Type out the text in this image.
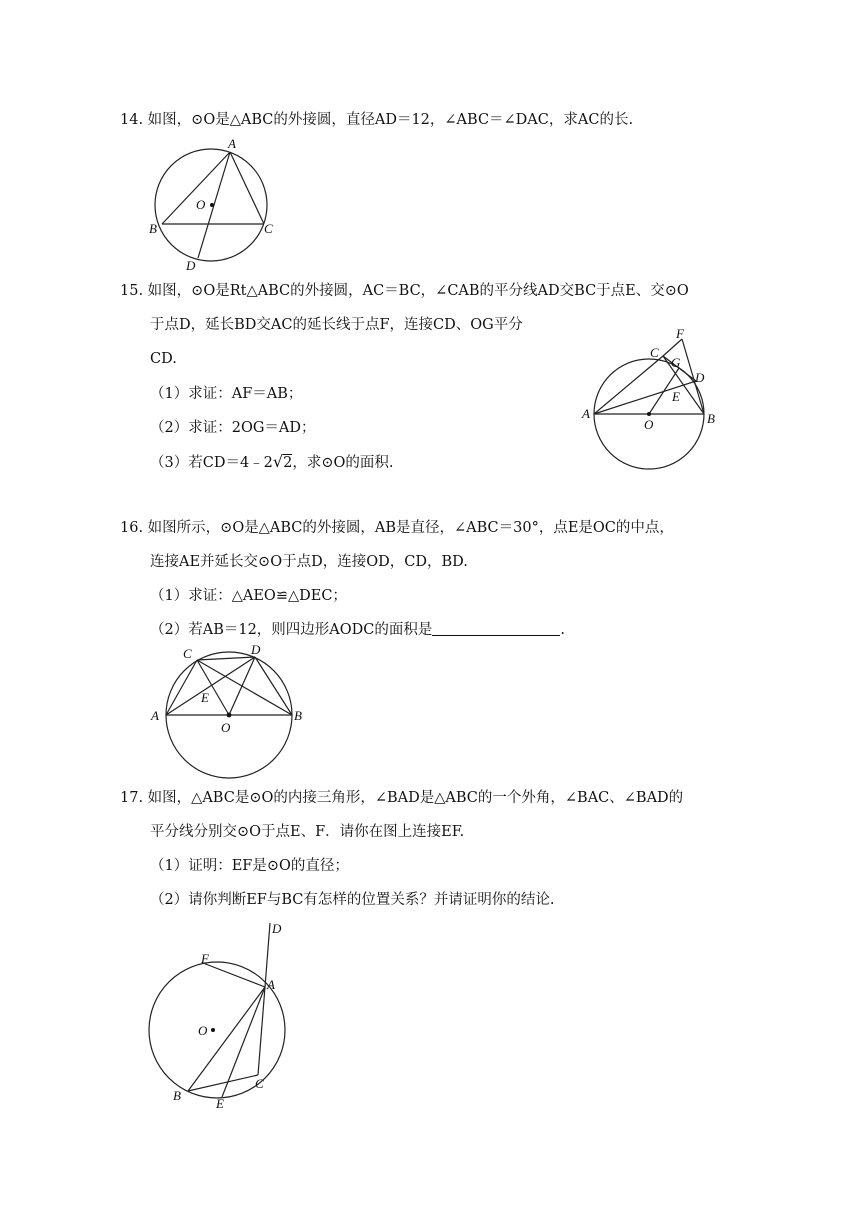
14. 如图，⊙O是△ABC的外接圆，直径AD＝12，∠ABC＝∠DAC，求AC的长.
A
B	C
D
O
15. 如图，⊙O是Rt△ABC的外接圆，AC＝BC，∠CAB的平分线AD交BC于点E、交⊙O
于点D，延长BD交AC的延长线于点F，连接CD、OG平分
CD.
（1）求证：AF＝AB；
（2）求证：2OG＝AD；
（3）若CD＝4﹣2√2，求⊙O的面积.
F
C
G
D
E
A	B
O
16. 如图所示，⊙O是△ABC的外接圆，AB是直径，∠ABC＝30°，点E是OC的中点，
连接AE并延长交⊙O于点D，连接OD，CD，BD.
（1）求证：△AEO≌△DEC；
（2）若AB＝12，则四边形AODC的面积是	.
C	D
E
A	B
O
17. 如图，△ABC是⊙O的内接三角形，∠BAD是△ABC的一个外角，∠BAC、∠BAD的
平分线分别交⊙O于点E、F．请你在图上连接EF.
（1）证明：EF是⊙O的直径；
（2）请你判断EF与BC有怎样的位置关系？并请证明你的结论.
D
F
A
O
C
B
E
